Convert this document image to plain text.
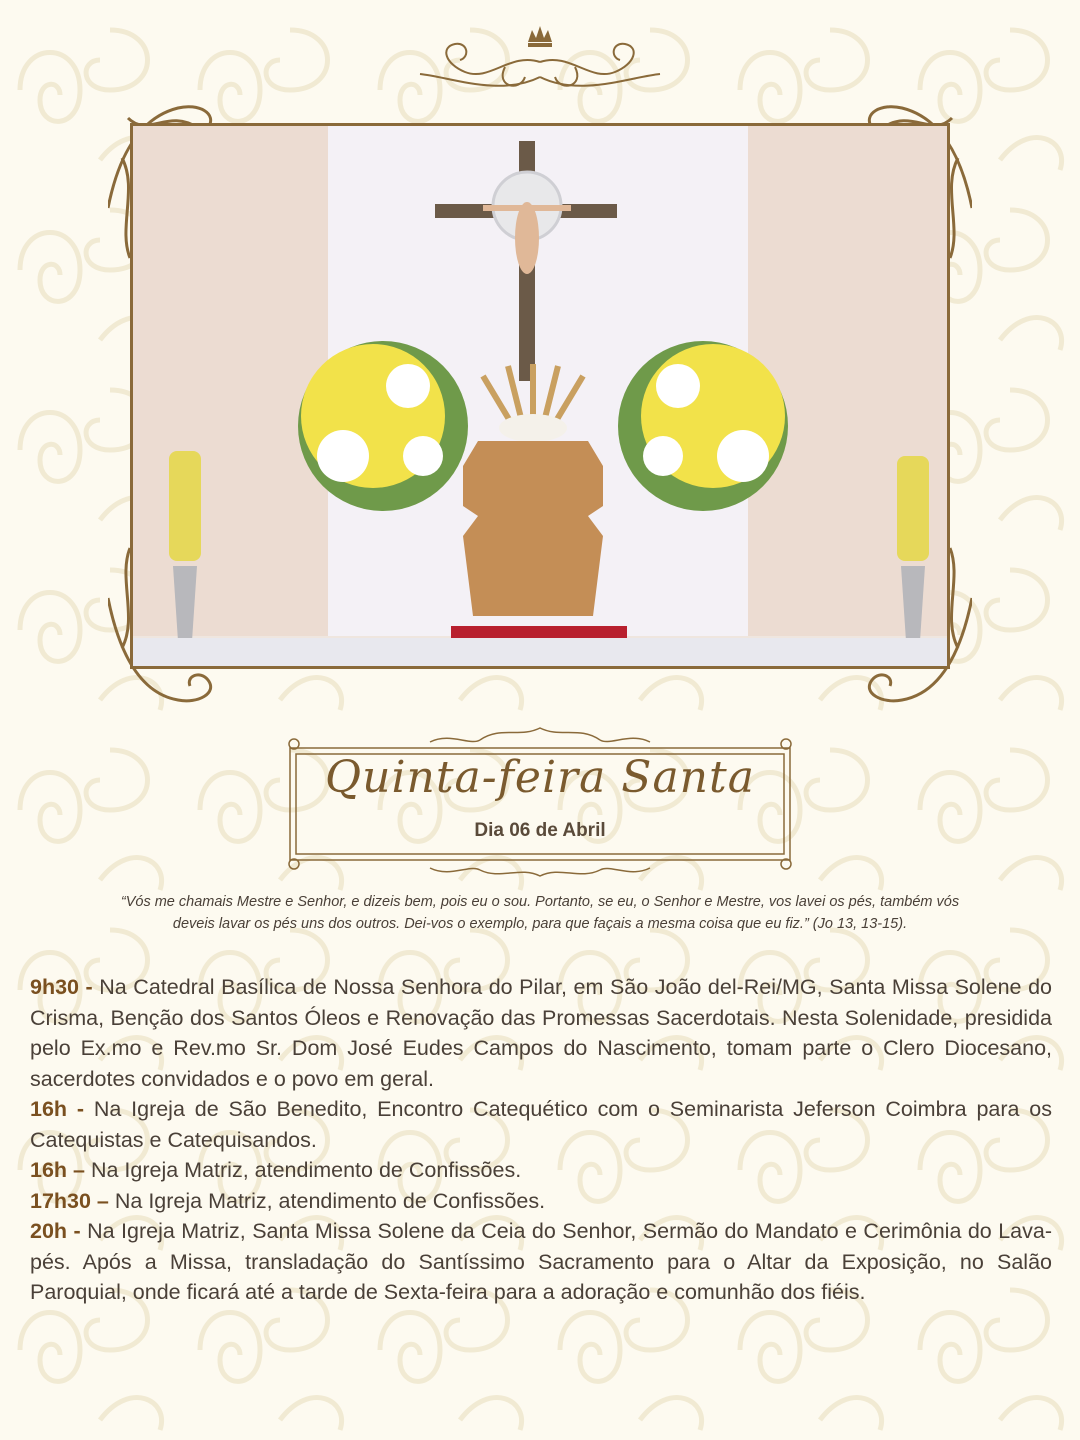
Quinta-feira Santa
Dia 06 de Abril
“Vós me chamais Mestre e Senhor, e dizeis bem, pois eu o sou. Portanto, se eu, o Senhor e Mestre, vos lavei os pés, também vós deveis lavar os pés uns dos outros. Dei-vos o exemplo, para que façais a mesma coisa que eu fiz.” (Jo 13, 13-15).

9h30 - Na Catedral Basílica de Nossa Senhora do Pilar, em São João del-Rei/MG, Santa Missa Solene do Crisma, Benção dos Santos Óleos e Renovação das Promessas Sacerdotais. Nesta Solenidade, presidida pelo Ex.mo e Rev.mo Sr. Dom José Eudes Campos do Nascimento, tomam parte o Clero Diocesano, sacerdotes convidados e o povo em geral.

16h - Na Igreja de São Benedito, Encontro Catequético com o Seminarista Jeferson Coimbra para os Catequistas e Catequisandos.

16h – Na Igreja Matriz, atendimento de Confissões.

17h30 – Na Igreja Matriz, atendimento de Confissões.

20h - Na Igreja Matriz, Santa Missa Solene da Ceia do Senhor, Sermão do Mandato e Cerimônia do Lava-pés. Após a Missa, transladação do Santíssimo Sacramento para o Altar da Exposição, no Salão Paroquial, onde ficará até a tarde de Sexta-feira para a adoração e comunhão dos fiéis.
